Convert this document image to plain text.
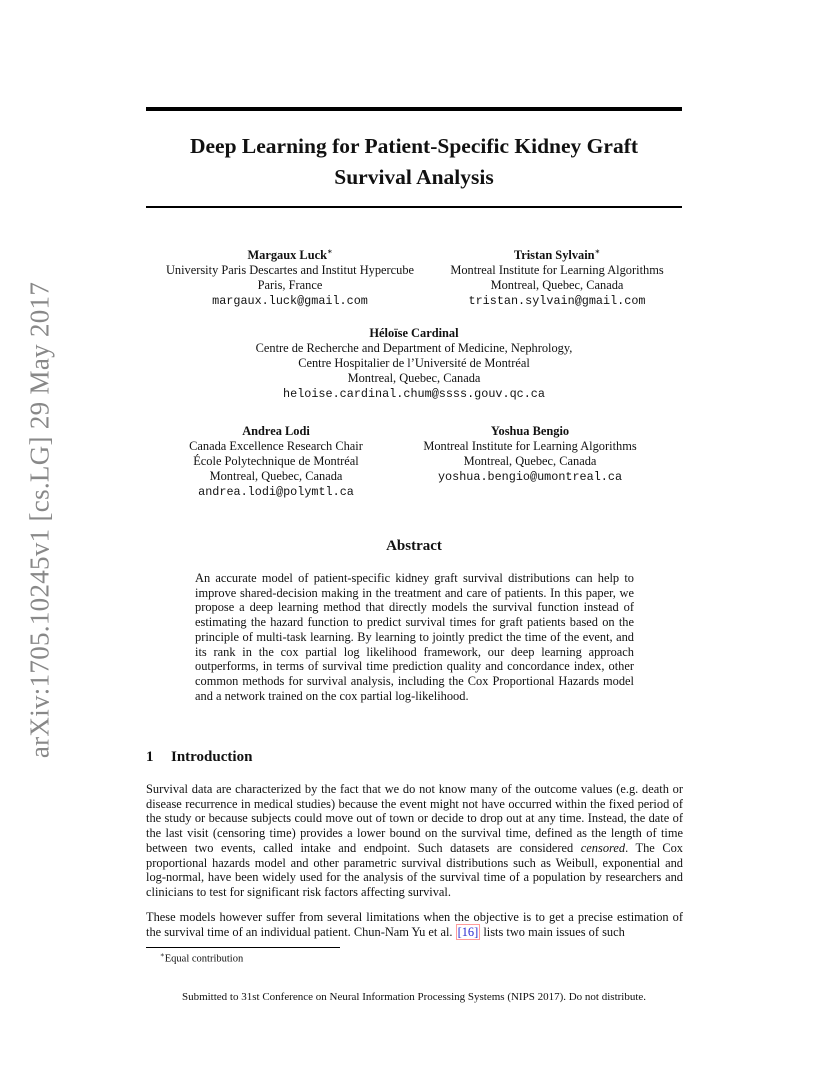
arXiv:1705.10245v1 [cs.LG] 29 May 2017
Deep Learning for Patient-Specific Kidney Graft
Survival Analysis
Margaux Luck∗
University Paris Descartes and Institut Hypercube
Paris, France
margaux.luck@gmail.com
Tristan Sylvain∗
Montreal Institute for Learning Algorithms
Montreal, Quebec, Canada
tristan.sylvain@gmail.com
Héloïse Cardinal
Centre de Recherche and Department of Medicine, Nephrology,
Centre Hospitalier de l’Université de Montréal
Montreal, Quebec, Canada
heloise.cardinal.chum@ssss.gouv.qc.ca
Andrea Lodi
Canada Excellence Research Chair
École Polytechnique de Montréal
Montreal, Quebec, Canada
andrea.lodi@polymtl.ca
Yoshua Bengio
Montreal Institute for Learning Algorithms
Montreal, Quebec, Canada
yoshua.bengio@umontreal.ca
Abstract
An accurate model of patient-specific kidney graft survival distributions can help to improve shared-decision making in the treatment and care of patients. In this paper, we propose a deep learning method that directly models the survival function instead of estimating the hazard function to predict survival times for graft patients based on the principle of multi-task learning. By learning to jointly predict the time of the event, and its rank in the cox partial log likelihood framework, our deep learning approach outperforms, in terms of survival time prediction quality and concordance index, other common methods for survival analysis, including the Cox Proportional Hazards model and a network trained on the cox partial log-likelihood.
1 Introduction
Survival data are characterized by the fact that we do not know many of the outcome values (e.g. death or disease recurrence in medical studies) because the event might not have occurred within the fixed period of the study or because subjects could move out of town or decide to drop out at any time. Instead, the date of the last visit (censoring time) provides a lower bound on the survival time, defined as the length of time between two events, called intake and endpoint. Such datasets are considered censored. The Cox proportional hazards model and other parametric survival distributions such as Weibull, exponential and log-normal, have been widely used for the analysis of the survival time of a population by researchers and clinicians to test for significant risk factors affecting survival.
These models however suffer from several limitations when the objective is to get a precise estimation of the survival time of an individual patient. Chun-Nam Yu et al. [16] lists two main issues of such
∗Equal contribution
Submitted to 31st Conference on Neural Information Processing Systems (NIPS 2017). Do not distribute.
